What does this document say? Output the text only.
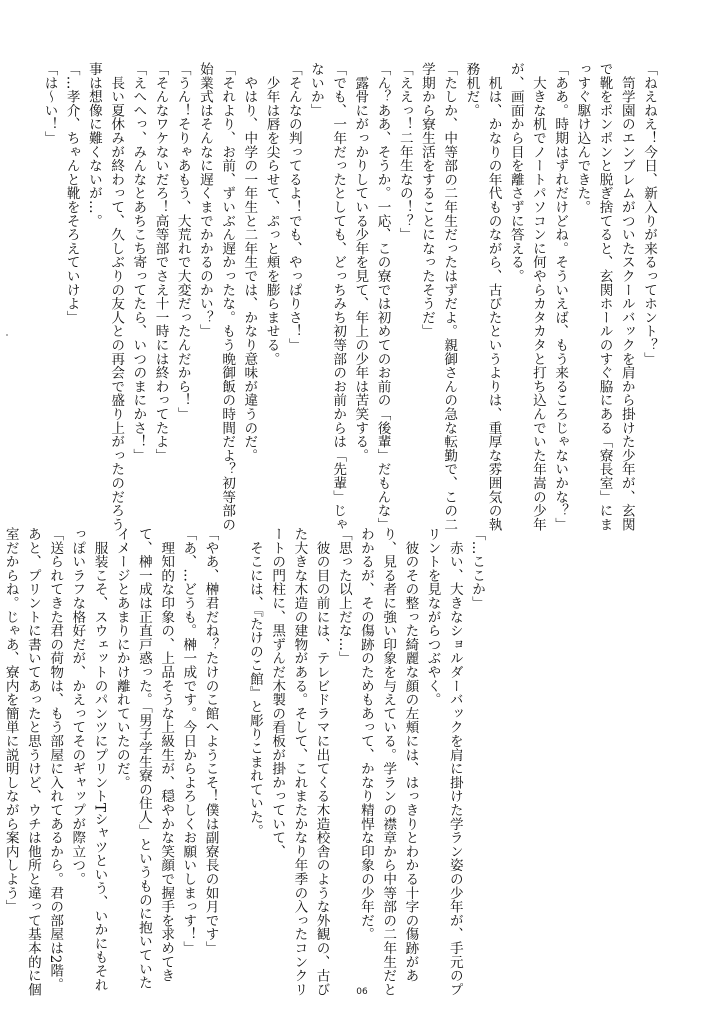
「ねえねえ！今日、新入りが来るってホント？」
　笥学園のエンブレムがついたスクールバックを肩から掛けた少年が、玄関
で靴をポンポンと脱ぎ捨てると、玄関ホールのすぐ脇にある「寮長室」にま
っすぐ駆け込んできた。
「ああ。時期はずれだけどね。そういえば、もう来るころじゃないかな？」
　大きな机でノートパソコンに何やらカタカタと打ち込んでいた年嵩の少年
が、画面から目を離さずに答える。
　机は、かなりの年代ものながら、古びたというよりは、重厚な雰囲気の執
務机だ。
「たしか、中等部の二年生だったはずだよ。親御さんの急な転勤で、この二
学期から寮生活をすることになったそうだ」
「ええっ！二年生なの！？」
「ん？ああ、そうか。一応、この寮では初めてのお前の「後輩」だもんな」
　露骨にがっかりしている少年を見て、年上の少年は苦笑する。
「でも、一年だったとしても、どっちみち初等部のお前からは「先輩」じゃ
ないか」
「そんなの判ってるよ！でも、やっぱりさ！」
　少年は唇を尖らせて、ぷっと頬を膨らませる。
　やはり、中学の一年生と二年生では、かなり意味が違うのだ。
「それより、お前、ずいぶん遅かったな。もう晩御飯の時間だよ？初等部の
始業式はそんなに遅くまでかかるのかい？」
「うん！そりゃあもう、大荒れで大変だったんだから！」
「そんなワケないだろ！高等部でさえ十一時には終わってたよ」
「えへへっ、みんなとあちこち寄ってたら、いつのまにかさ！」
　長い夏休みが終わって、久しぶりの友人との再会で盛り上がったのだろう
事は想像に難くないが…。
「…孝介、ちゃんと靴をそろえていけよ」
「は～い！」
「…ここか」
　赤い、大きなショルダーバックを肩に掛けた学ラン姿の少年が、手元のプ
リントを見ながらつぶやく。
　彼のその整った綺麗な顔の左頬には、はっきりとわかる十字の傷跡があ
り、見る者に強い印象を与えている。学ランの襟章から中等部の二年生だと
わかるが、その傷跡のためもあって、かなり精悍な印象の少年だ。
「思った以上だな…」
　彼の目の前には、テレビドラマに出てくる木造校舎のような外観の、古び
た大きな木造の建物がある。そして、これまたかなり年季の入ったコンクリ
ートの門柱に、黒ずんだ木製の看板が掛かっていて、
　そこには、『たけのこ館』と彫りこまれていた。

「やあ、榊君だね？たけのこ館へようこそ！僕は副寮長の如月です」
「あ、…どうも。榊一成です。今日からよろしくお願いしまっす！」
　理知的な印象の、上品そうな上級生が、穏やかな笑顔で握手を求めてき
て、榊一成は正直戸惑った。「男子学生寮の住人」というものに抱いていた
イメージとあまりにかけ離れていたのだ。
　服装こそ、スウェットのパンツにプリントTシャツという、いかにもそれ
っぽいラフな格好だが、かえってそのギャップが際立つ。
「送られてきた君の荷物は、もう部屋に入れてあるから。君の部屋は2階。
あと、プリントに書いてあったと思うけど、ウチは他所と違って基本的に個
室だからね。じゃあ、寮内を簡単に説明しながら案内しよう」
06
